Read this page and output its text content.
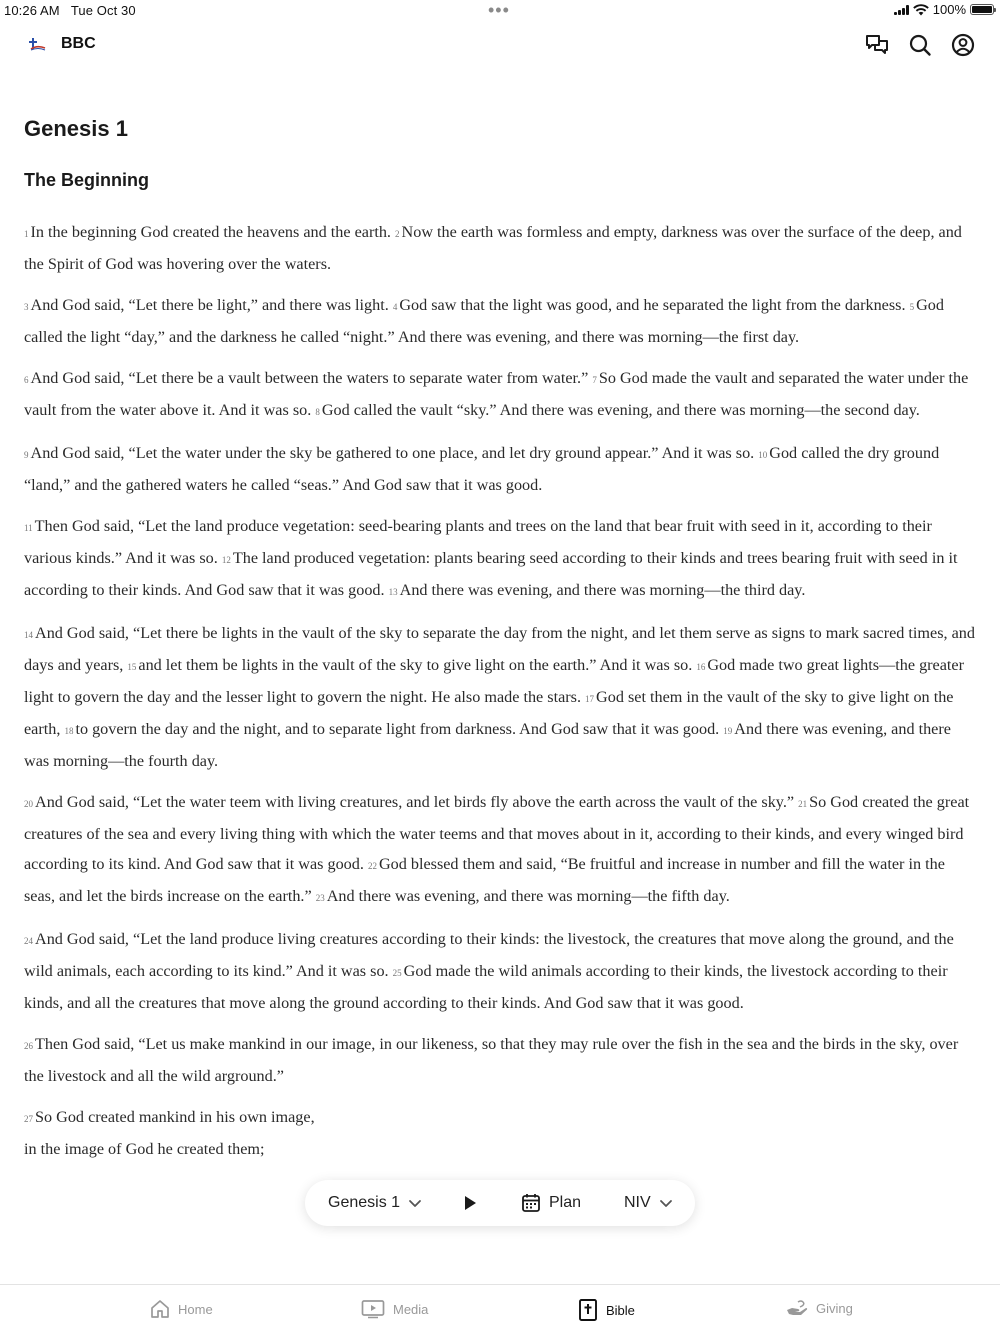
10:26 AM Tue Oct 30	•••	100%
BBC
Genesis 1
The Beginning

1 In the beginning God created the heavens and the earth. 2 Now the earth was formless and empty, darkness was over the surface of the deep, and the Spirit of God was hovering over the waters.

3 And God said, “Let there be light,” and there was light. 4 God saw that the light was good, and he separated the light from the darkness. 5 God called the light “day,” and the darkness he called “night.” And there was evening, and there was morning—the first day.

6 And God said, “Let there be a vault between the waters to separate water from water.” 7 So God made the vault and separated the water under the vault from the water above it. And it was so. 8 God called the vault “sky.” And there was evening, and there was morning—the second day.

9 And God said, “Let the water under the sky be gathered to one place, and let dry ground appear.” And it was so. 10 God called the dry ground “land,” and the gathered waters he called “seas.” And God saw that it was good.

11 Then God said, “Let the land produce vegetation: seed-bearing plants and trees on the land that bear fruit with seed in it, according to their various kinds.” And it was so. 12 The land produced vegetation: plants bearing seed according to their kinds and trees bearing fruit with seed in it according to their kinds. And God saw that it was good. 13 And there was evening, and there was morning—the third day.

14 And God said, “Let there be lights in the vault of the sky to separate the day from the night, and let them serve as signs to mark sacred times, and days and years, 15 and let them be lights in the vault of the sky to give light on the earth.” And it was so. 16 God made two great lights—the greater light to govern the day and the lesser light to govern the night. He also made the stars. 17 God set them in the vault of the sky to give light on the earth, 18 to govern the day and the night, and to separate light from darkness. And God saw that it was good. 19 And there was evening, and there was morning—the fourth day.

20 And God said, “Let the water teem with living creatures, and let birds fly above the earth across the vault of the sky.” 21 So God created the great creatures of the sea and every living thing with which the water teems and that moves about in it, according to their kinds, and every winged bird according to its kind. And God saw that it was good. 22 God blessed them and said, “Be fruitful and increase in number and fill the water in the seas, and let the birds increase on the earth.” 23 And there was evening, and there was morning—the fifth day.

24 And God said, “Let the land produce living creatures according to their kinds: the livestock, the creatures that move along the ground, and the wild animals, each according to its kind.” And it was so. 25 God made the wild animals according to their kinds, the livestock according to their kinds, and all the creatures that move along the ground according to their kinds. And God saw that it was good.

26 Then God said, “Let us make mankind in our image, in our likeness, so that they may rule over the fish in the sea and the birds in the sky, over the livestock and all the wild arground.”

27 So God created mankind in his own image,
in the image of God he created them;

Genesis 1	Plan	NIV
Home	Media	Bible	Giving
